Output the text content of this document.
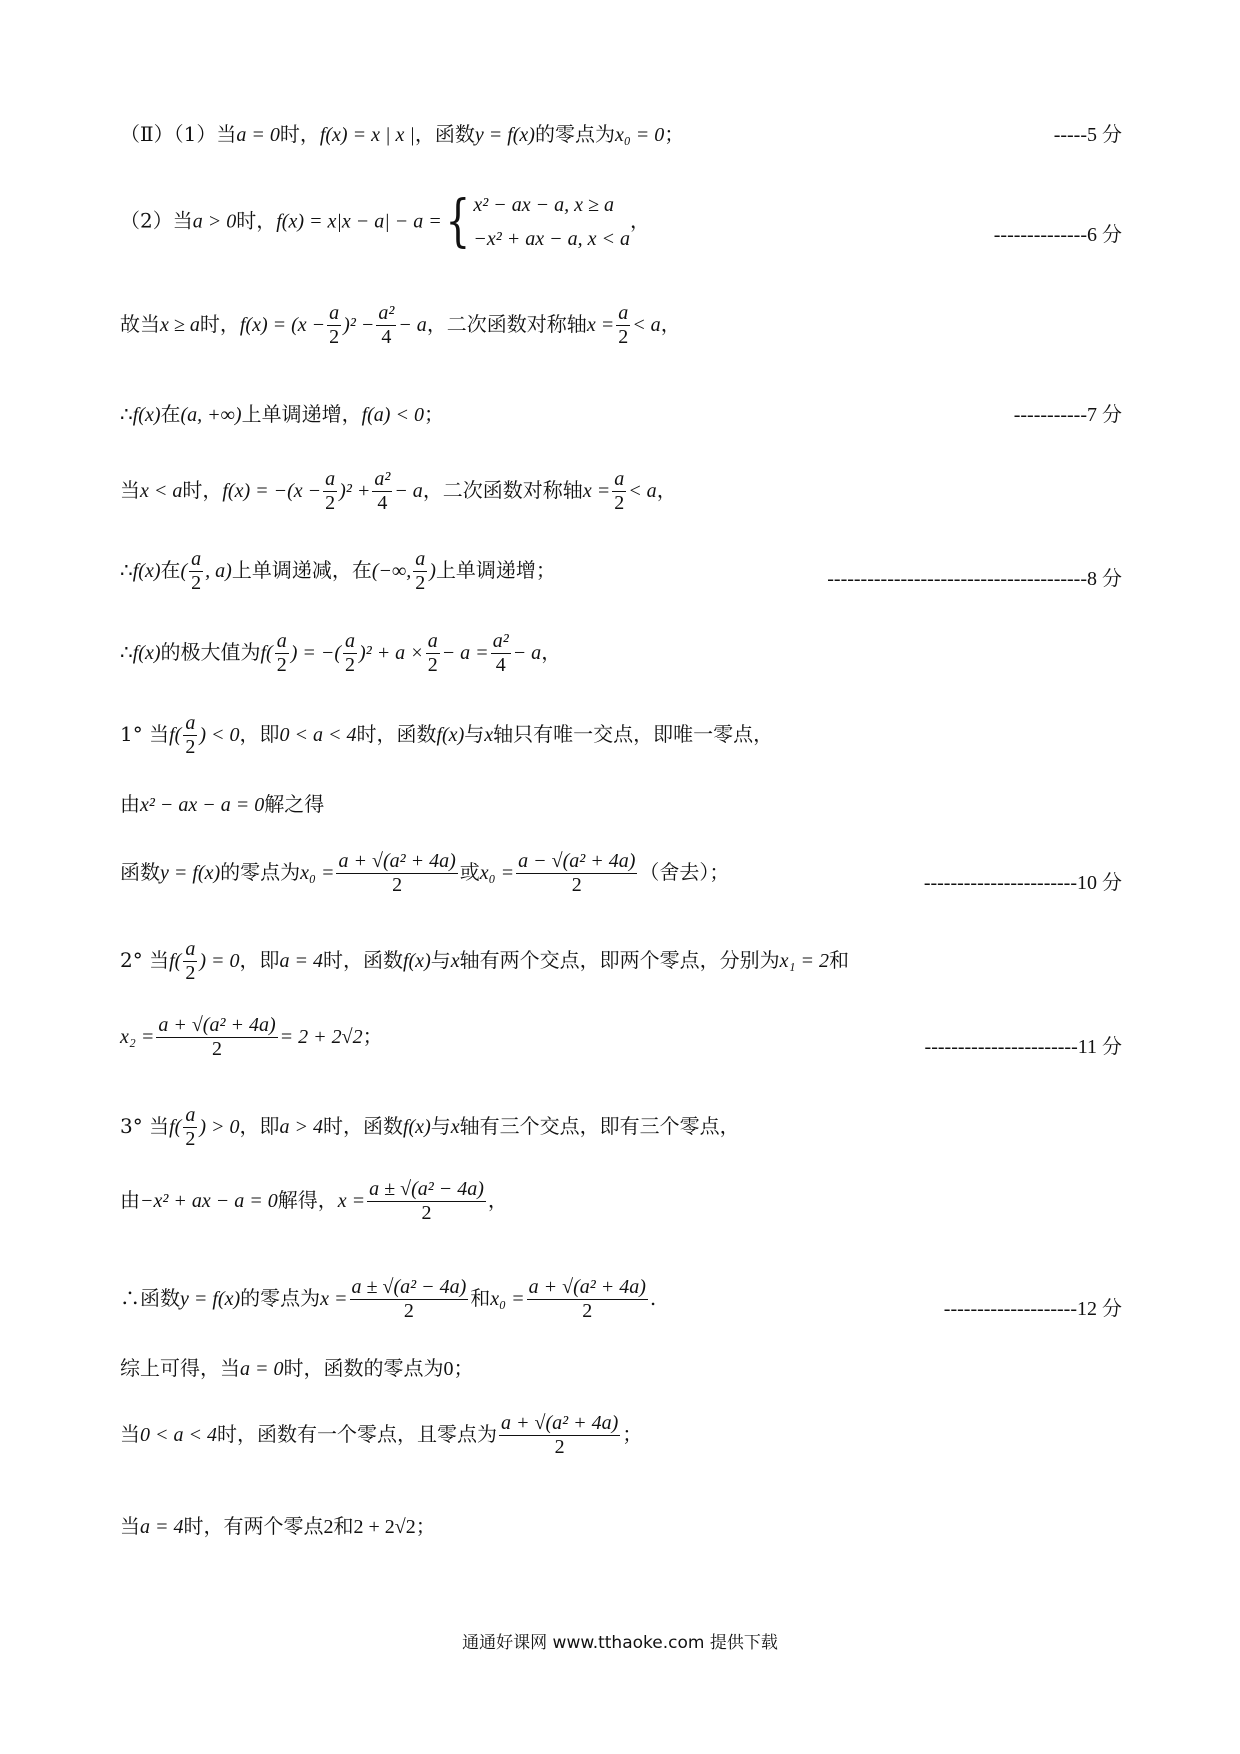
（Ⅱ）（1）当a = 0时，f(x) = x | x |，函数y = f(x)的零点为x₀ = 0；	-----5 分
（2）当a > 0时，f(x) = x|x − a| − a ={ x² − ax − a, x ≥ a
−x² + ax − a, x < a
，
--------------6 分
故当x ≥ a时，$f(x) = (x - \frac{a}{2} )^2 - \frac{\text{a²}}{4} - a$，二次函数对称轴$x = \frac{a}{2} < a$，
∴f(x)在(a, +∞)上单调递增，f(a) < 0；	-----------7 分
当x < a时，$f(x) = -(x - \frac{a}{2} )^2 + \frac{\text{a²}}{4} - a$，二次函数对称轴$x = \frac{a}{2} < a$，
∴f(x)在( $\frac{a}{2}$ , a)上单调递减，在(−∞, $\frac{a}{2}$ )上单调递增；	---------------------------------------8 分
∴f(x)的极大值为$f( \frac{a}{2}$ ) = −( $\frac{a}{2} )^2 + a \times \frac{a}{2} - a = \frac{\text{a²}}{4} - a$，
1° 当$f( \frac{a}{2}$ ) < 0，即0 < a < 4时，函数f(x)与x轴只有唯一交点，即唯一零点，
由x² − ax − a = 0解之得
函数y = f(x)的零点为$x_0 = \frac{\text{a + √(a² + 4a)}}{2}$ 或$x_0 = \frac{\text{a − √(a² + 4a)}}{2}$ （舍去）；	-----------------------10 分
2° 当$f( \frac{a}{2}$ ) = 0，即a = 4时，函数f(x)与x轴有两个交点，即两个零点，分别为x₁ = 2和
$x_2 = \frac{\text{a + √(a² + 4a)}}{2} = 2 + 2√2$；	-----------------------11 分
3° 当$f( \frac{a}{2}$ ) > 0，即a > 4时，函数f(x)与x轴有三个交点，即有三个零点，
由−x² + ax − a = 0解得，$x = \frac{\text{a ± √(a² − 4a)}}{2}$ ，
∴函数y = f(x)的零点为$x = \frac{\text{a ± √(a² − 4a)}}{2}$ 和$x_0 = \frac{\text{a + √(a² + 4a)}}{2}$ .	--------------------12 分
综上可得，当a = 0时，函数的零点为0；
当0 < a < 4时，函数有一个零点，且零点为 $\frac{\text{a + √(a² + 4a)}}{2}$ ；
当a = 4时，有两个零点2和2 + 2√2；
通通好课网 www.tthaoke.com 提供下载
